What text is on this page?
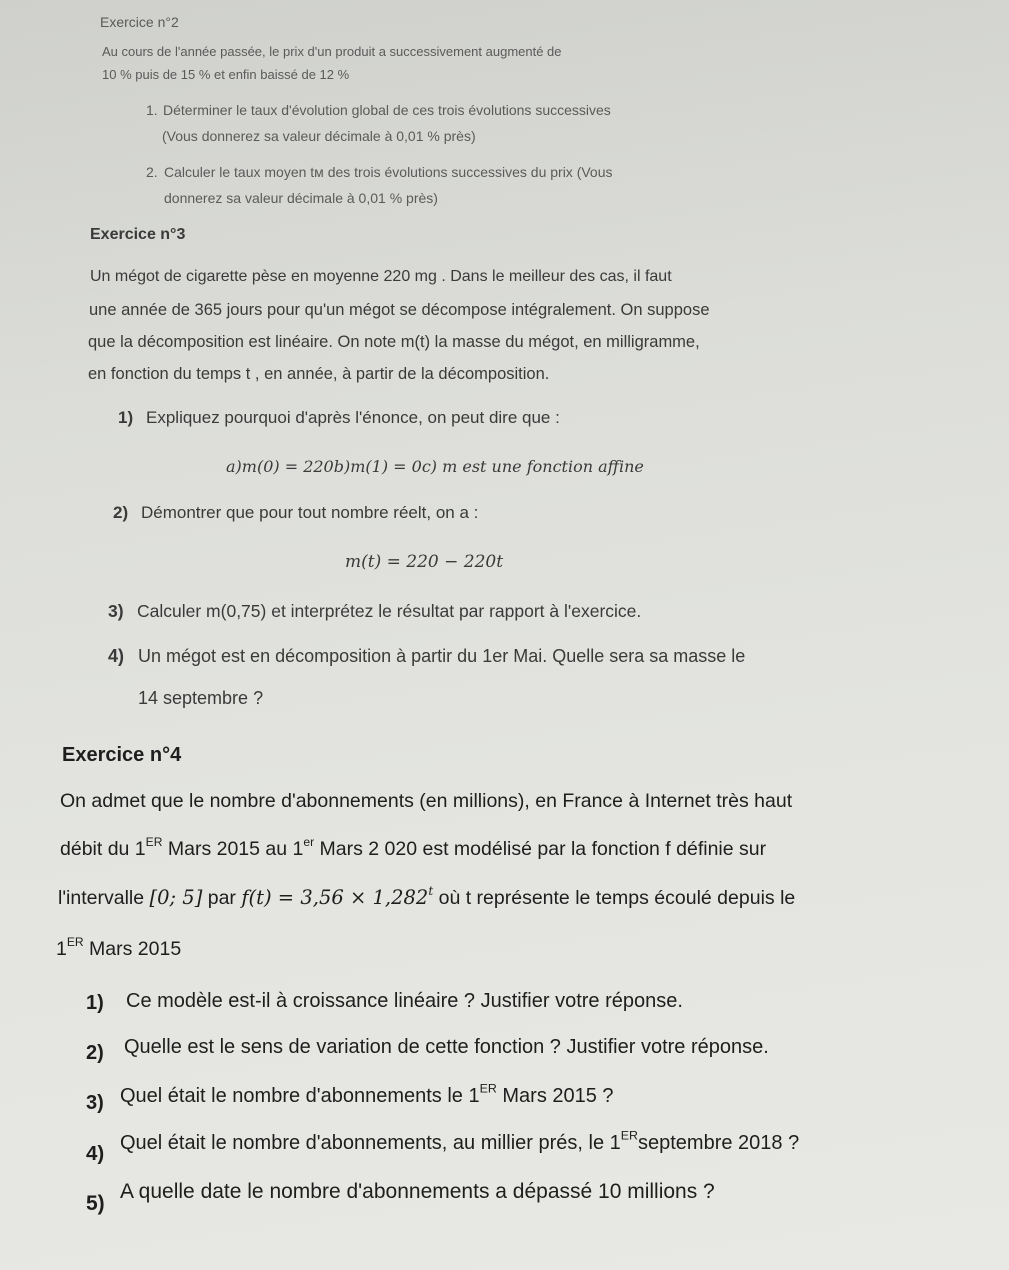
Exercice n°2
Au cours de l'année passée, le prix d'un produit a successivement augmenté de
10 % puis de 15 % et enfin baissé de 12 %
1. Déterminer le taux d'évolution global de ces trois évolutions successives
(Vous donnerez sa valeur décimale à 0,01 % près)
2. Calculer le taux moyen tм des trois évolutions successives du prix (Vous
donnerez sa valeur décimale à 0,01 % près)
Exercice n°3
Un mégot de cigarette pèse en moyenne 220 mg . Dans le meilleur des cas, il faut
une année de 365 jours pour qu'un mégot se décompose intégralement. On suppose
que la décomposition est linéaire. On note m(t) la masse du mégot, en milligramme,
en fonction du temps t , en année, à partir de la décomposition.
1) Expliquez pourquoi d'après l'énonce, on peut dire que :
a)m(0) = 220b)m(1) = 0c) m est une fonction affine
2) Démontrer que pour tout nombre réelt, on a :
m(t) = 220 − 220t
3) Calculer m(0,75) et interprétez le résultat par rapport à l'exercice.
4) Un mégot est en décomposition à partir du 1er Mai. Quelle sera sa masse le
14 septembre ?
Exercice n°4
On admet que le nombre d'abonnements (en millions), en France à Internet très haut
débit du 1ER Mars 2015 au 1er Mars 2 020 est modélisé par la fonction f définie sur
l'intervalle [0; 5] par $f(t) = 3,56 \times 1,282^t$ où t représente le temps écoulé depuis le
1ER Mars 2015
1) Ce modèle est-il à croissance linéaire ? Justifier votre réponse.
2) Quelle est le sens de variation de cette fonction ? Justifier votre réponse.
3) Quel était le nombre d'abonnements le 1ER Mars 2015 ?
4) Quel était le nombre d'abonnements, au millier prés, le 1ERseptembre 2018 ?
5)
A quelle date le nombre d'abonnements a dépassé 10 millions ?
